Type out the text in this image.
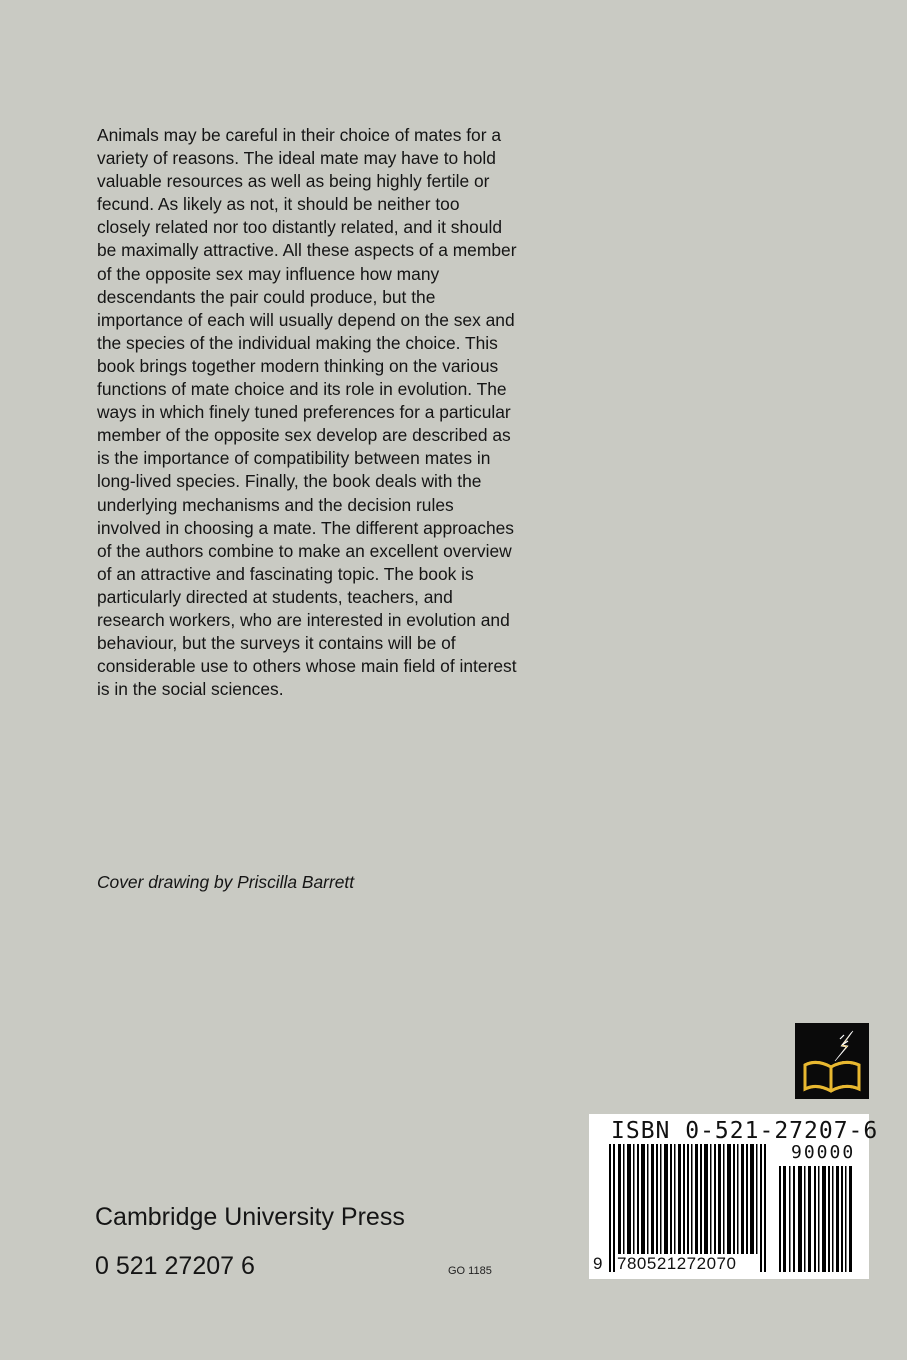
Animals may be careful in their choice of mates for a variety of reasons. The ideal mate may have to hold valuable resources as well as being highly fertile or fecund. As likely as not, it should be neither too closely related nor too distantly related, and it should be maximally attractive. All these aspects of a member of the opposite sex may influence how many descendants the pair could produce, but the importance of each will usually depend on the sex and the species of the individual making the choice. This book brings together modern thinking on the various functions of mate choice and its role in evolution. The ways in which finely tuned preferences for a particular member of the opposite sex develop are described as is the importance of compatibility between mates in long-lived species. Finally, the book deals with the underlying mechanisms and the decision rules involved in choosing a mate. The different approaches of the authors combine to make an excellent overview of an attractive and fascinating topic. The book is particularly directed at students, teachers, and research workers, who are interested in evolution and behaviour, but the surveys it contains will be of considerable use to others whose main field of interest is in the social sciences.

Cover drawing by Priscilla Barrett

ISBN 0-521-27207-6
90000
9 780521272070

Cambridge University Press

0 521 27207 6	GO 1185
